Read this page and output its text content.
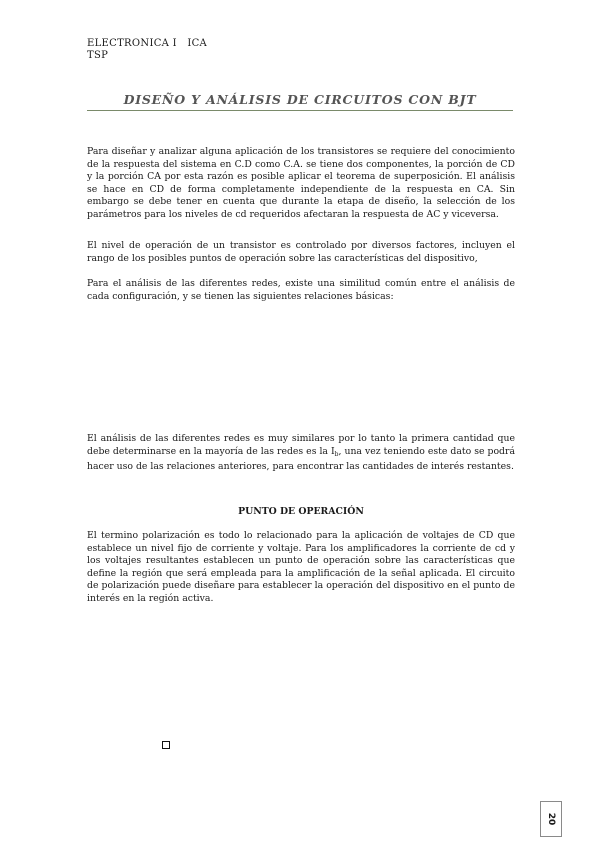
ELECTRONICA I   ICA
TSP
DISEÑO Y ANÁLISIS DE CIRCUITOS CON BJT

Para diseñar y analizar alguna aplicación de los transistores se requiere del conocimiento de la respuesta del sistema en C.D como C.A. se tiene dos componentes, la porción de CD y la porción CA por esta razón es posible aplicar el teorema de superposición. El análisis se hace en CD de forma completamente independiente de la respuesta en CA. Sin embargo se debe tener en cuenta que durante la etapa de diseño, la selección de los parámetros para los niveles de cd requeridos afectaran la respuesta de AC y viceversa.

El nivel de operación de un transistor es controlado por diversos factores, incluyen el rango de los posibles puntos de operación sobre las características del dispositivo,

Para el análisis de las diferentes redes, existe una similitud común entre el análisis de cada configuración, y se tienen las siguientes relaciones básicas:

El análisis de las diferentes redes es muy similares por lo tanto la primera cantidad que debe determinarse en la mayoría de las redes es la $I_b$, una vez teniendo este dato se podrá hacer uso de las relaciones anteriores, para encontrar las cantidades de interés restantes.

PUNTO DE OPERACIÓN

El termino polarización es todo lo relacionado para la aplicación de voltajes de CD que establece un nivel fijo de corriente y voltaje. Para los amplificadores la corriente de cd y los voltajes resultantes establecen un punto de operación sobre las características que define la región que será empleada para la amplificación de la señal aplicada. El circuito de polarización puede diseñare para establecer la operación del dispositivo en el punto de interés en la región activa.

20
